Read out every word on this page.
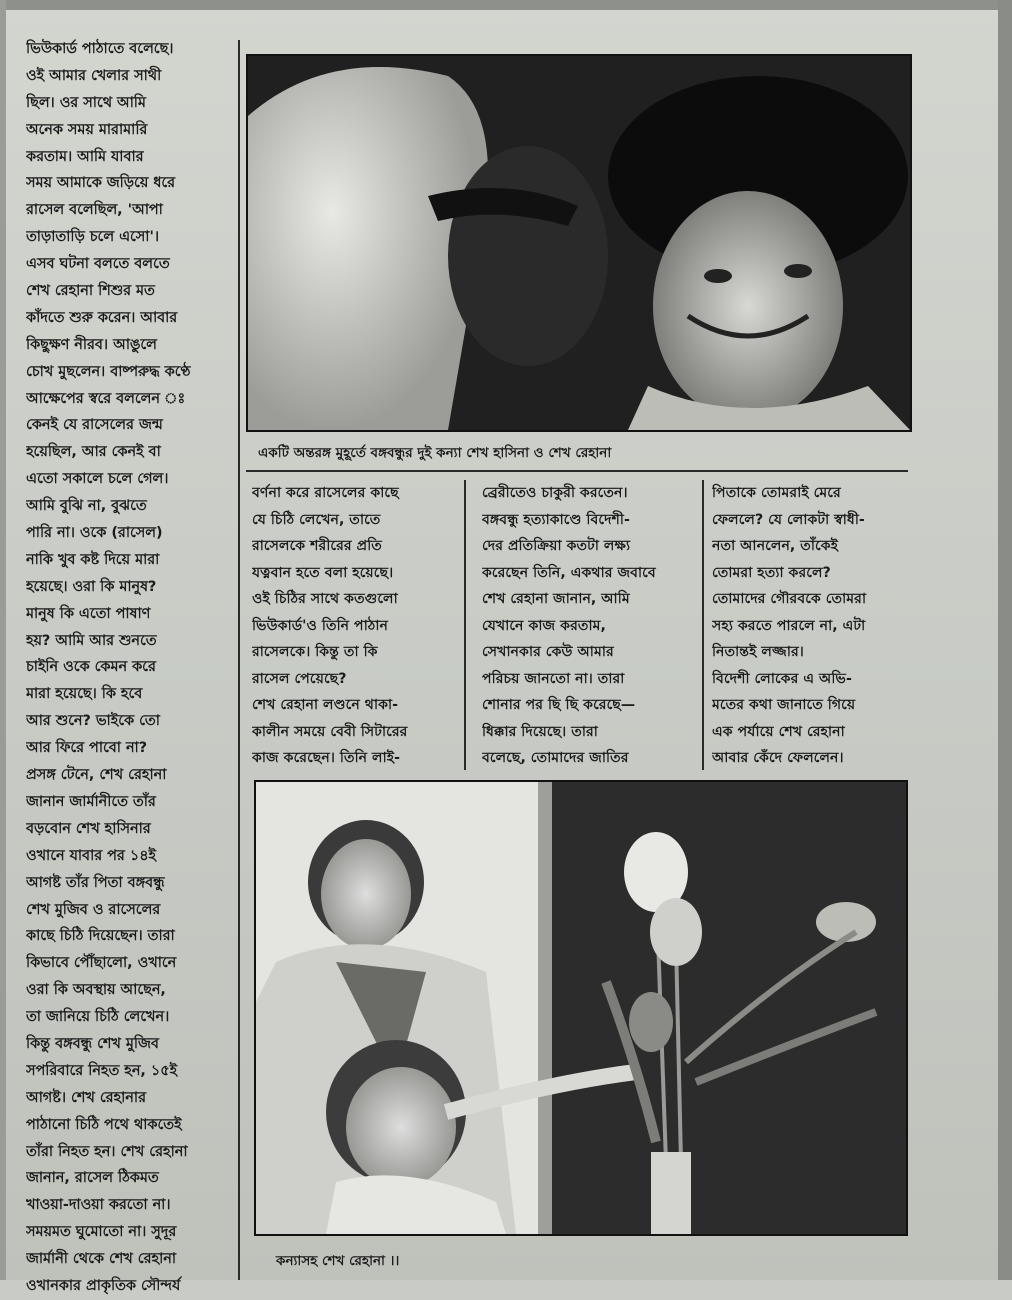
ভিউকার্ড পাঠাতে বলেছে।
ওই আমার খেলার সাথী
ছিল। ওর সাথে আমি
অনেক সময় মারামারি
করতাম। আমি যাবার
সময় আমাকে জড়িয়ে ধরে
রাসেল বলেছিল, 'আপা
তাড়াতাড়ি চলে এসো'।
এসব ঘটনা বলতে বলতে
শেখ রেহানা শিশুর মত
কাঁদতে শুরু করেন। আবার
কিছুক্ষণ নীরব। আঙুলে
চোখ মুছলেন। বাষ্পরুদ্ধ কণ্ঠে
আক্ষেপের স্বরে বললেন ঃ
কেনই যে রাসেলের জন্ম
হয়েছিল, আর কেনই বা
এতো সকালে চলে গেল।
আমি বুঝি না, বুঝতে
পারি না। ওকে (রাসেল)
নাকি খুব কষ্ট দিয়ে মারা
হয়েছে। ওরা কি মানুষ?
মানুষ কি এতো পাষাণ
হয়? আমি আর শুনতে
চাইনি ওকে কেমন করে
মারা হয়েছে। কি হবে
আর শুনে? ভাইকে তো
আর ফিরে পাবো না?
প্রসঙ্গ টেনে, শেখ রেহানা
জানান জার্মানীতে তাঁর
বড়বোন শেখ হাসিনার
ওখানে যাবার পর ১৪ই
আগষ্ট তাঁর পিতা বঙ্গবন্ধু
শেখ মুজিব ও রাসেলের
কাছে চিঠি দিয়েছেন। তারা
কিভাবে পৌঁছালো, ওখানে
ওরা কি অবস্থায় আছেন,
তা জানিয়ে চিঠি লেখেন।
কিন্তু বঙ্গবন্ধু শেখ মুজিব
সপরিবারে নিহত হন, ১৫ই
আগষ্ট। শেখ রেহানার
পাঠানো চিঠি পথে থাকতেই
তাঁরা নিহত হন। শেখ রেহানা
জানান, রাসেল ঠিকমত
খাওয়া-দাওয়া করতো না।
সময়মত ঘুমোতো না। সুদূর
জার্মানী থেকে শেখ রেহানা
ওখানকার প্রাকৃতিক সৌন্দর্য
একটি অন্তরঙ্গ মুহূর্তে বঙ্গবন্ধুর দুই কন্যা শেখ হাসিনা ও শেখ রেহানা
বর্ণনা করে রাসেলের কাছে
যে চিঠি লেখেন, তাতে
রাসেলকে শরীরের প্রতি
যত্নবান হতে বলা হয়েছে।
ওই চিঠির সাথে কতগুলো
ভিউকার্ড'ও তিনি পাঠান
রাসেলকে। কিন্তু তা কি
রাসেল পেয়েছে?
শেখ রেহানা লণ্ডনে থাকা-
কালীন সময়ে বেবী সিটারের
কাজ করেছেন। তিনি লাই-
ব্রেরীতেও চাকুরী করতেন।
বঙ্গবন্ধু হত্যাকাণ্ডে বিদেশী-
দের প্রতিক্রিয়া কতটা লক্ষ্য
করেছেন তিনি, একথার জবাবে
শেখ রেহানা জানান, আমি
যেখানে কাজ করতাম,
সেখানকার কেউ আমার
পরিচয় জানতো না। তারা
শোনার পর ছি ছি করেছে—
ধিক্কার দিয়েছে। তারা
বলেছে, তোমাদের জাতির
পিতাকে তোমরাই মেরে
ফেললে? যে লোকটা স্বাধী-
নতা আনলেন, তাঁকেই
তোমরা হত্যা করলে?
তোমাদের গৌরবকে তোমরা
সহ্য করতে পারলে না, এটা
নিতান্তই লজ্জার।
বিদেশী লোকের এ অভি-
মতের কথা জানাতে গিয়ে
এক পর্যায়ে শেখ রেহানা
আবার কেঁদে ফেললেন।
কন্যাসহ শেখ রেহানা ।।
